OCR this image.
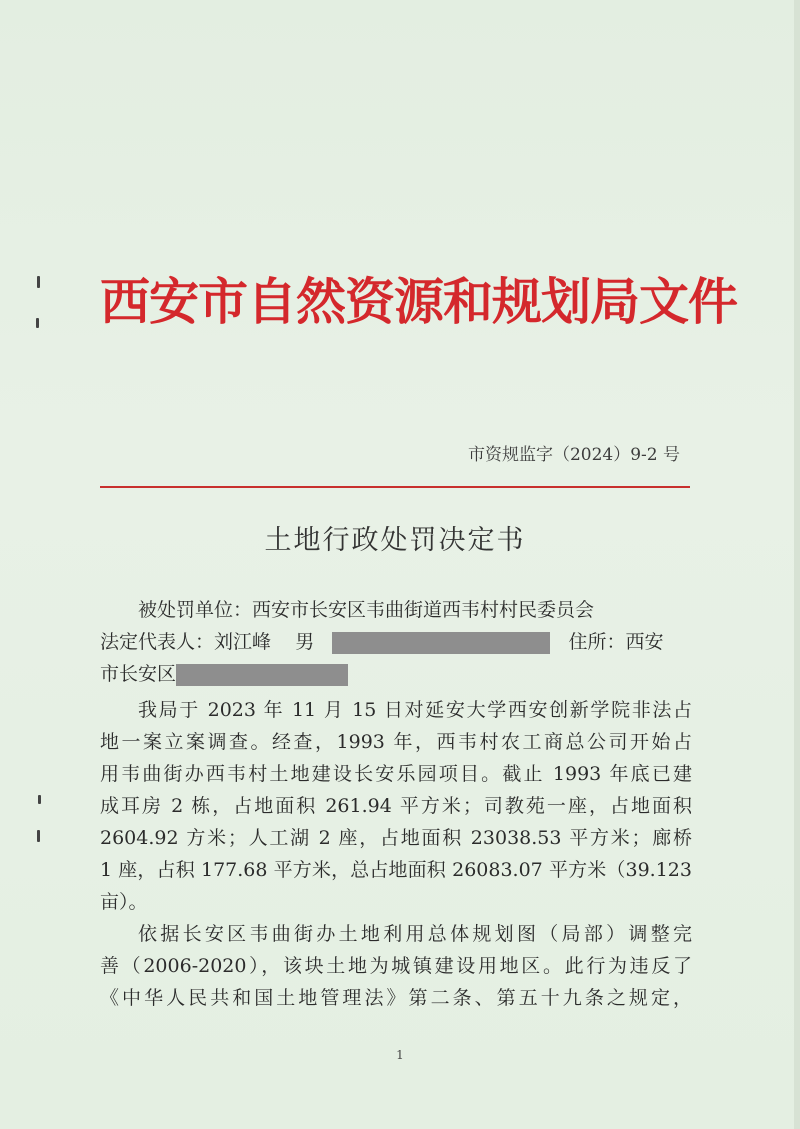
西安市自然资源和规划局文件
市资规监字（2024）9-2 号
土地行政处罚决定书
被处罚单位：西安市长安区韦曲街道西韦村村民委员会
法定代表人：刘江峰 男	住所：西安
市长安区
我局于 2023 年 11 月 15 日对延安大学西安创新学院非法占
地一案立案调查。经查，1993 年，西韦村农工商总公司开始占
用韦曲街办西韦村土地建设长安乐园项目。截止 1993 年底已建
成耳房 2 栋，占地面积 261.94 平方米；司教苑一座，占地面积
2604.92 方米；人工湖 2 座，占地面积 23038.53 平方米；廊桥
1 座，占积 177.68 平方米，总占地面积 26083.07 平方米（39.123
亩）。
依据长安区韦曲街办土地利用总体规划图（局部）调整完
善（2006-2020），该块土地为城镇建设用地区。此行为违反了
《中华人民共和国土地管理法》第二条、第五十九条之规定，
1
